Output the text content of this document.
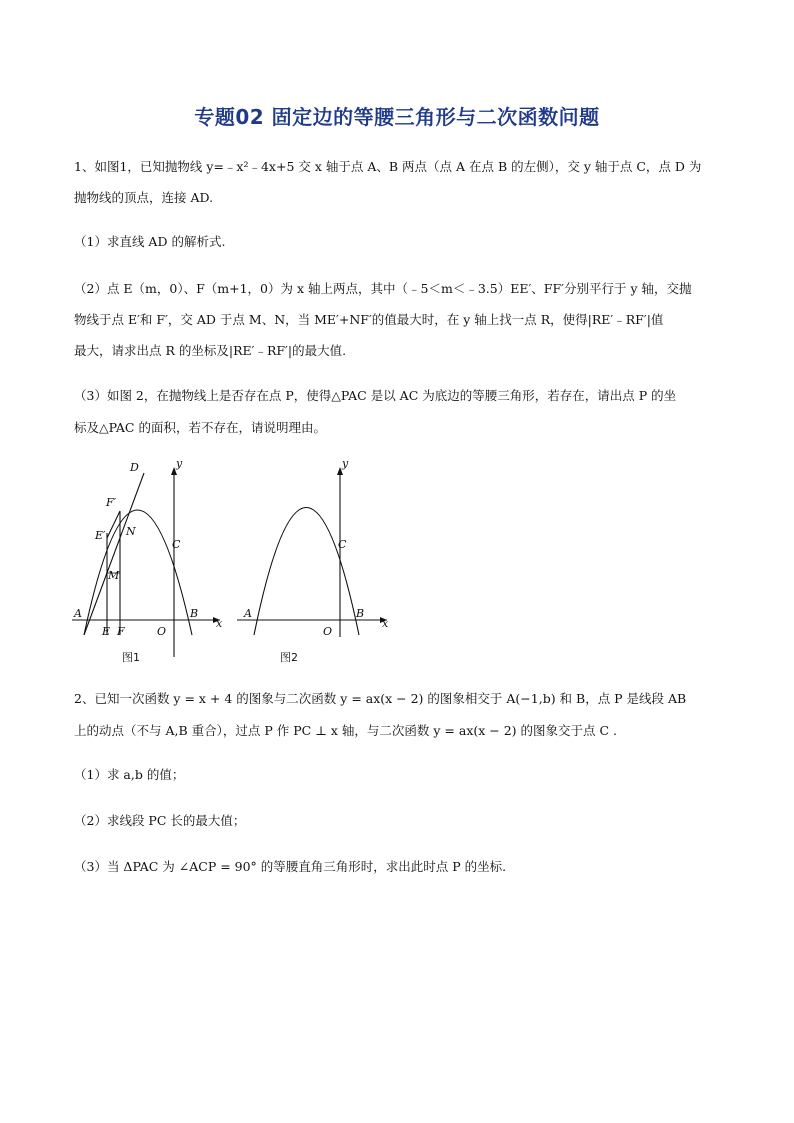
专题02 固定边的等腰三角形与二次函数问题
1、如图1，已知抛物线 y=﹣x²﹣4x+5 交 x 轴于点 A、B 两点（点 A 在点 B 的左侧），交 y 轴于点 C，点 D 为
抛物线的顶点，连接 AD.
（1）求直线 AD 的解析式.
（2）点 E（m，0）、F（m+1，0）为 x 轴上两点，其中（﹣5＜m＜﹣3.5）EE′、FF′分别平行于 y 轴，交抛
物线于点 E′和 F′，交 AD 于点 M、N，当 ME′+NF′的值最大时，在 y 轴上找一点 R，使得|RE′﹣RF′|值
最大，请求出点 R 的坐标及|RE′﹣RF′|的最大值.
（3）如图 2，在抛物线上是否存在点 P，使得△PAC 是以 AC 为底边的等腰三角形，若存在，请出点 P 的坐
标及△PAC 的面积，若不存在，请说明理由。
y
x
D
F′
E′ N
C
M
A	B
E F	O
图1
y
x
C
A	B
O
图2
2、已知一次函数 y = x + 4 的图象与二次函数 y = ax(x − 2) 的图象相交于 A(−1,b) 和 B，点 P 是线段 AB
上的动点（不与 A,B 重合），过点 P 作 PC ⊥ x 轴，与二次函数 y = ax(x − 2) 的图象交于点 C .
（1）求 a,b 的值；
（2）求线段 PC 长的最大值；
（3）当 ΔPAC 为 ∠ACP = 90° 的等腰直角三角形时，求出此时点 P 的坐标.
